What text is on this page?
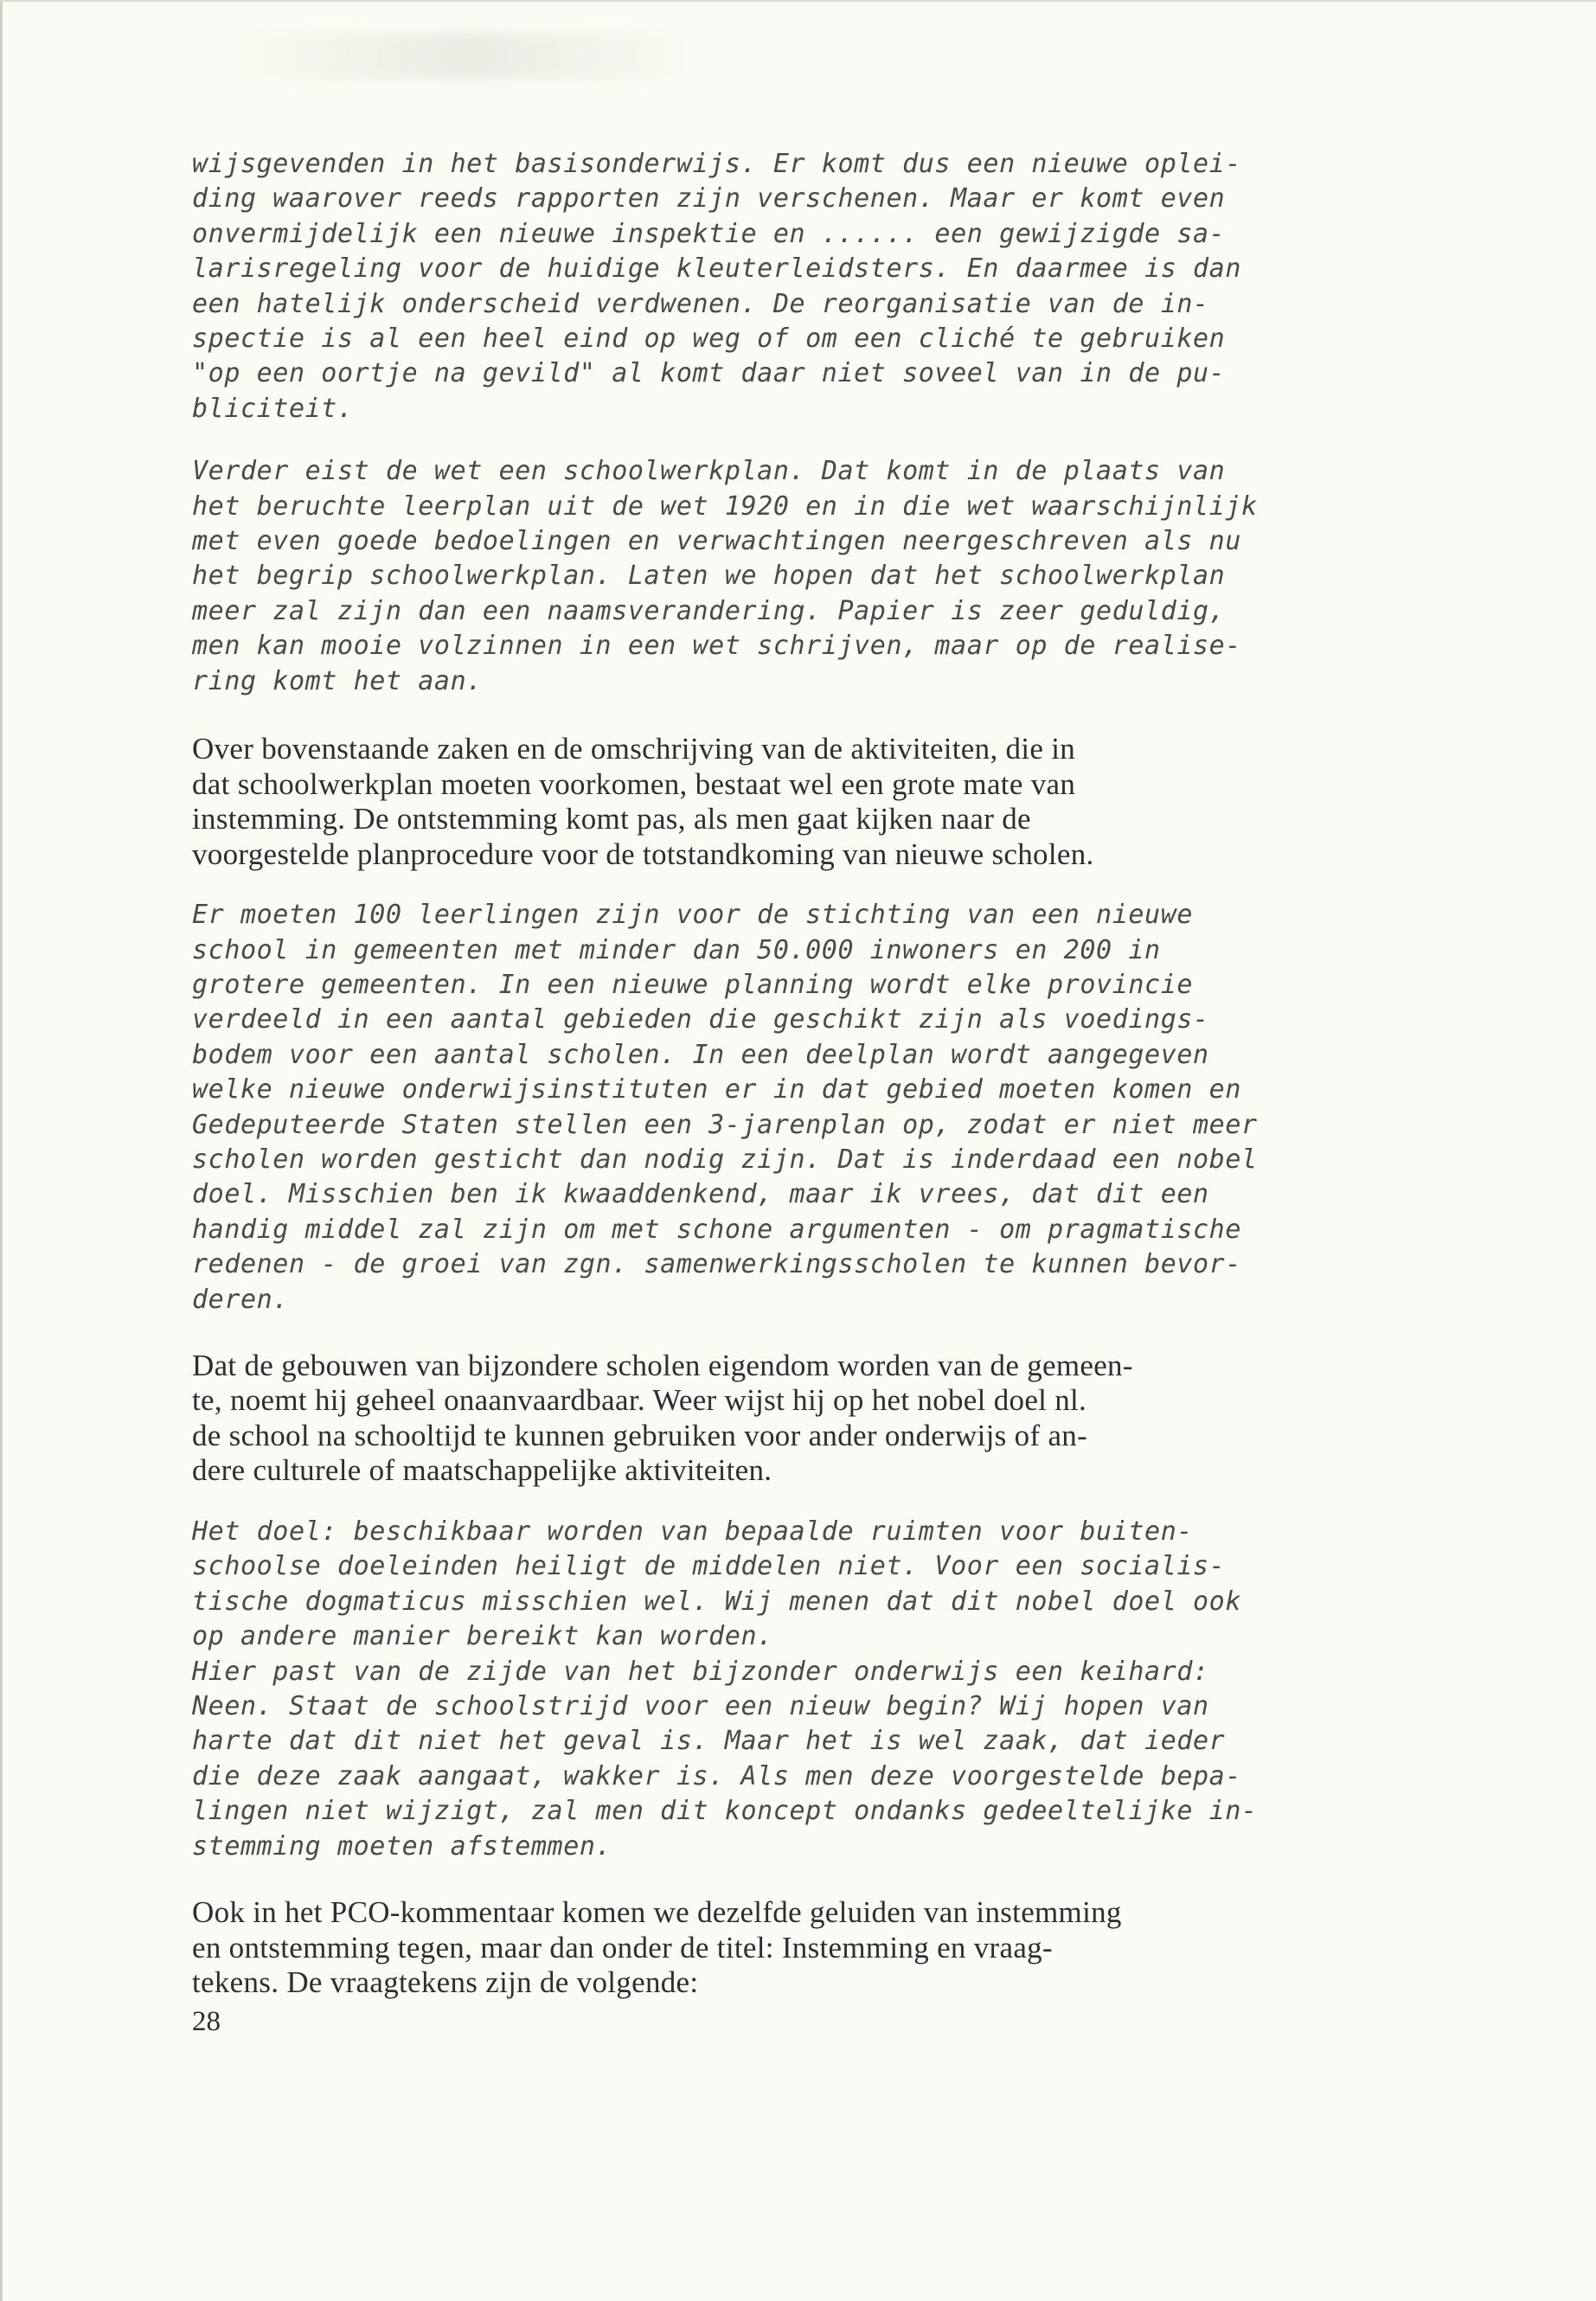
wijsgevenden in het basisonderwijs. Er komt dus een nieuwe oplei-
ding waarover reeds rapporten zijn verschenen. Maar er komt even
onvermijdelijk een nieuwe inspektie en ...... een gewijzigde sa-
larisregeling voor de huidige kleuterleidsters. En daarmee is dan
een hatelijk onderscheid verdwenen. De reorganisatie van de in-
spectie is al een heel eind op weg of om een cliché te gebruiken
"op een oortje na gevild" al komt daar niet soveel van in de pu-
bliciteit.

Verder eist de wet een schoolwerkplan. Dat komt in de plaats van
het beruchte leerplan uit de wet 1920 en in die wet waarschijnlijk
met even goede bedoelingen en verwachtingen neergeschreven als nu
het begrip schoolwerkplan. Laten we hopen dat het schoolwerkplan
meer zal zijn dan een naamsverandering. Papier is zeer geduldig,
men kan mooie volzinnen in een wet schrijven, maar op de realise-
ring komt het aan.

Over bovenstaande zaken en de omschrijving van de aktiviteiten, die in
dat schoolwerkplan moeten voorkomen, bestaat wel een grote mate van
instemming. De ontstemming komt pas, als men gaat kijken naar de
voorgestelde planprocedure voor de totstandkoming van nieuwe scholen.

Er moeten 100 leerlingen zijn voor de stichting van een nieuwe
school in gemeenten met minder dan 50.000 inwoners en 200 in
grotere gemeenten. In een nieuwe planning wordt elke provincie
verdeeld in een aantal gebieden die geschikt zijn als voedings-
bodem voor een aantal scholen. In een deelplan wordt aangegeven
welke nieuwe onderwijsinstituten er in dat gebied moeten komen en
Gedeputeerde Staten stellen een 3-jarenplan op, zodat er niet meer
scholen worden gesticht dan nodig zijn. Dat is inderdaad een nobel
doel. Misschien ben ik kwaaddenkend, maar ik vrees, dat dit een
handig middel zal zijn om met schone argumenten - om pragmatische
redenen - de groei van zgn. samenwerkingsscholen te kunnen bevor-
deren.

Dat de gebouwen van bijzondere scholen eigendom worden van de gemeen-
te, noemt hij geheel onaanvaardbaar. Weer wijst hij op het nobel doel nl.
de school na schooltijd te kunnen gebruiken voor ander onderwijs of an-
dere culturele of maatschappelijke aktiviteiten.

Het doel: beschikbaar worden van bepaalde ruimten voor buiten-
schoolse doeleinden heiligt de middelen niet. Voor een socialis-
tische dogmaticus misschien wel. Wij menen dat dit nobel doel ook
op andere manier bereikt kan worden.
Hier past van de zijde van het bijzonder onderwijs een keihard:
Neen. Staat de schoolstrijd voor een nieuw begin? Wij hopen van
harte dat dit niet het geval is. Maar het is wel zaak, dat ieder
die deze zaak aangaat, wakker is. Als men deze voorgestelde bepa-
lingen niet wijzigt, zal men dit koncept ondanks gedeeltelijke in-
stemming moeten afstemmen.

Ook in het PCO-kommentaar komen we dezelfde geluiden van instemming
en ontstemming tegen, maar dan onder de titel: Instemming en vraag-
tekens. De vraagtekens zijn de volgende:

28
